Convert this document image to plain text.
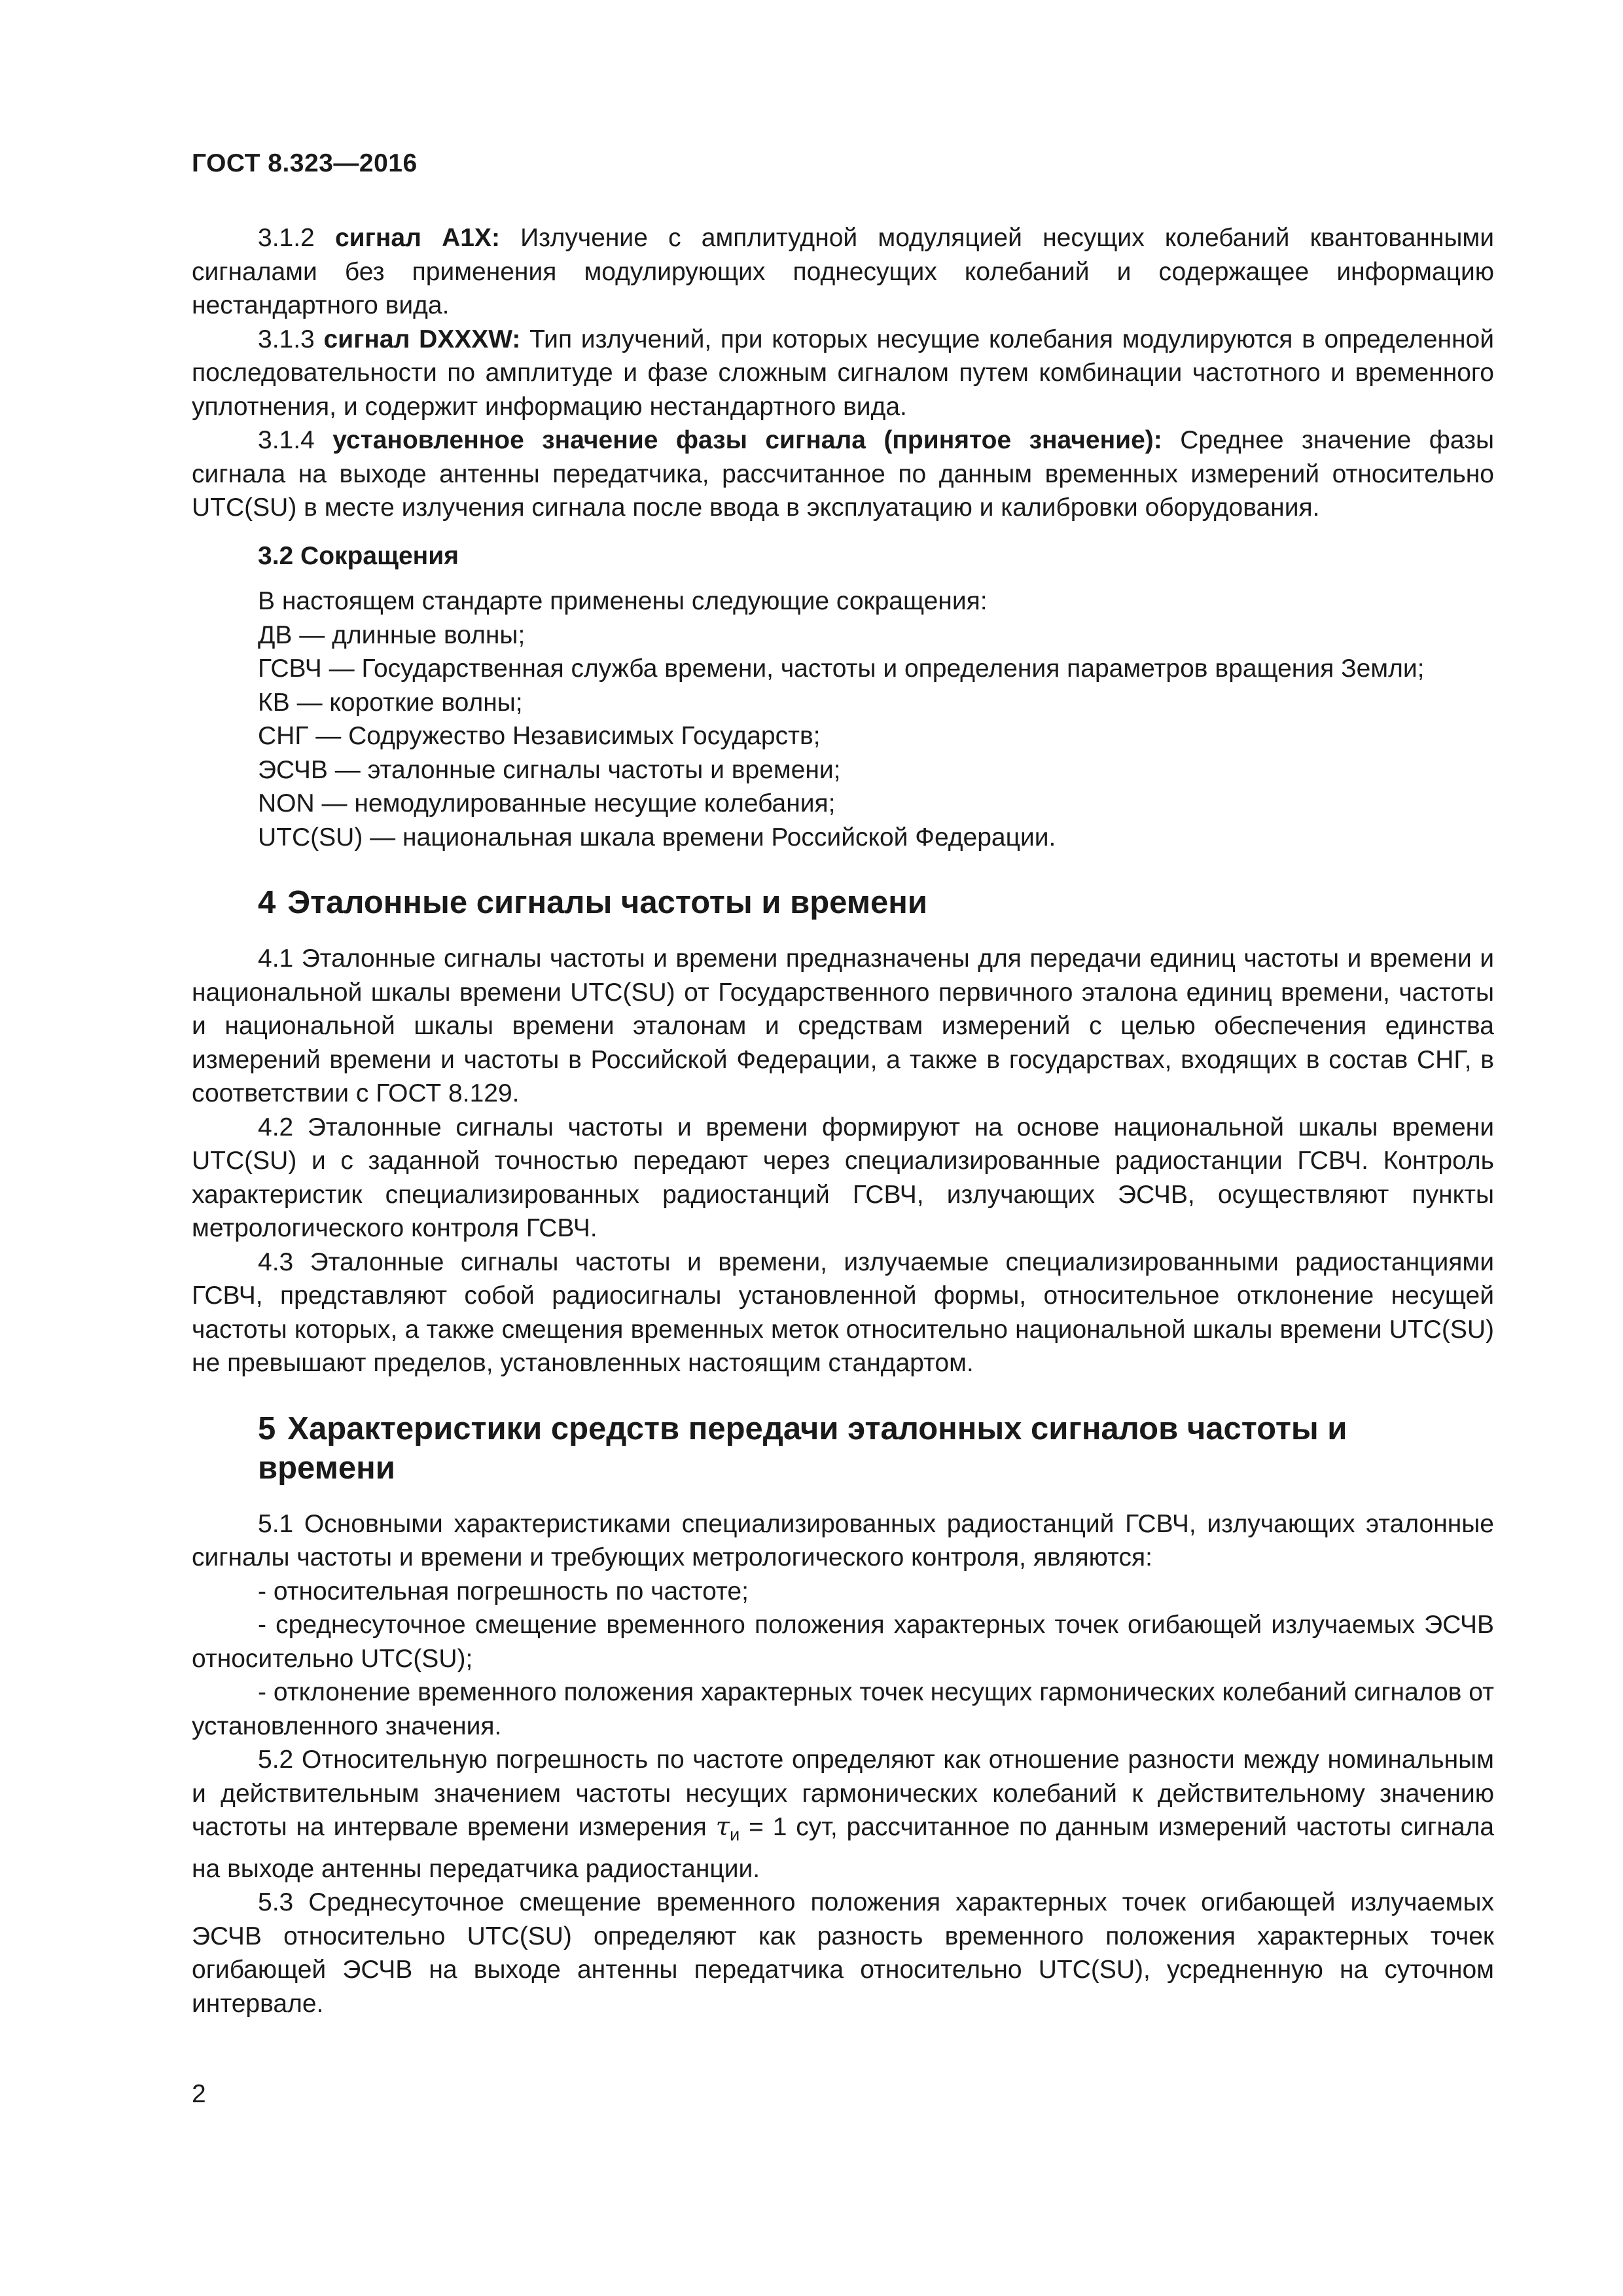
ГОСТ 8.323—2016

3.1.2 сигнал A1X: Излучение с амплитудной модуляцией несущих колебаний квантованными сигналами без применения модулирующих поднесущих колебаний и содержащее информацию нестандартного вида.

3.1.3 сигнал DXXXW: Тип излучений, при которых несущие колебания модулируются в определенной последовательности по амплитуде и фазе сложным сигналом путем комбинации частотного и временного уплотнения, и содержит информацию нестандартного вида.

3.1.4 установленное значение фазы сигнала (принятое значение): Среднее значение фазы сигнала на выходе антенны передатчика, рассчитанное по данным временных измерений относительно UTC(SU) в месте излучения сигнала после ввода в эксплуатацию и калибровки оборудования.

3.2 Сокращения
В настоящем стандарте применены следующие сокращения:
ДВ — длинные волны;
ГСВЧ — Государственная служба времени, частоты и определения параметров вращения Земли;
КВ — короткие волны;
СНГ — Содружество Независимых Государств;
ЭСЧВ — эталонные сигналы частоты и времени;
NON — немодулированные несущие колебания;
UTC(SU) — национальная шкала времени Российской Федерации.
4 Эталонные сигналы частоты и времени

4.1 Эталонные сигналы частоты и времени предназначены для передачи единиц частоты и времени и национальной шкалы времени UTC(SU) от Государственного первичного эталона единиц времени, частоты и национальной шкалы времени эталонам и средствам измерений с целью обеспечения единства измерений времени и частоты в Российской Федерации, а также в государствах, входящих в состав СНГ, в соответствии с ГОСТ 8.129.

4.2 Эталонные сигналы частоты и времени формируют на основе национальной шкалы времени UTC(SU) и с заданной точностью передают через специализированные радиостанции ГСВЧ. Контроль характеристик специализированных радиостанций ГСВЧ, излучающих ЭСЧВ, осуществляют пункты метрологического контроля ГСВЧ.

4.3 Эталонные сигналы частоты и времени, излучаемые специализированными радиостанциями ГСВЧ, представляют собой радиосигналы установленной формы, относительное отклонение несущей частоты которых, а также смещения временных меток относительно национальной шкалы времени UTC(SU) не превышают пределов, установленных настоящим стандартом.

5 Характеристики средств передачи эталонных сигналов частоты и времени

5.1 Основными характеристиками специализированных радиостанций ГСВЧ, излучающих эталонные сигналы частоты и времени и требующих метрологического контроля, являются:

- относительная погрешность по частоте;

- среднесуточное смещение временного положения характерных точек огибающей излучаемых ЭСЧВ относительно UTC(SU);

- отклонение временного положения характерных точек несущих гармонических колебаний сигналов от установленного значения.

5.2 Относительную погрешность по частоте определяют как отношение разности между номинальным и действительным значением частоты несущих гармонических колебаний к действительному значению частоты на интервале времени измерения $\tau_и = 1$ сут, рассчитанное по данным измерений частоты сигнала на выходе антенны передатчика радиостанции.

5.3 Среднесуточное смещение временного положения характерных точек огибающей излучаемых ЭСЧВ относительно UTC(SU) определяют как разность временного положения характерных точек огибающей ЭСЧВ на выходе антенны передатчика относительно UTC(SU), усредненную на суточном интервале.

2
